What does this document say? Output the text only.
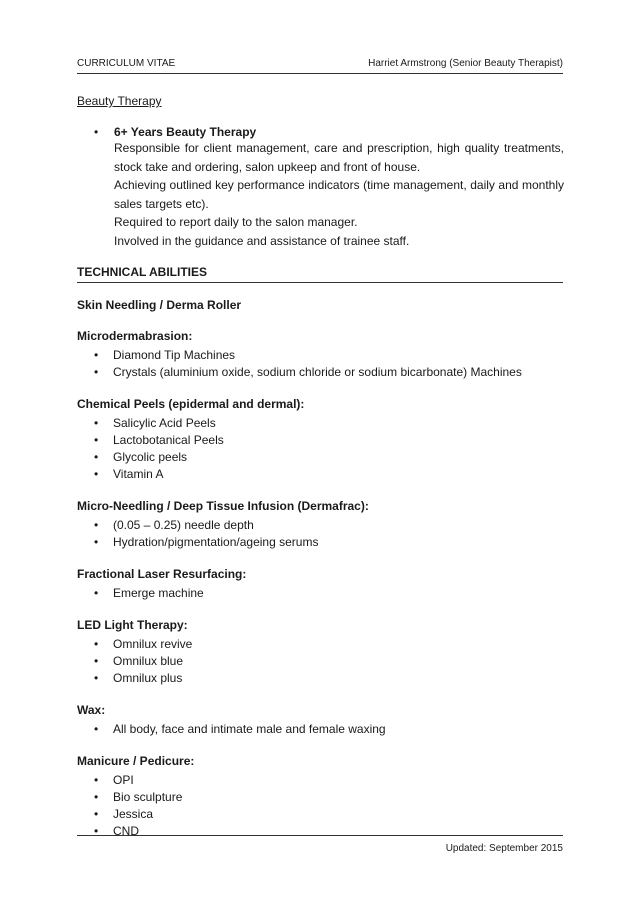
CURRICULUM VITAE	Harriet Armstrong (Senior Beauty Therapist)
Beauty Therapy
•	6+ Years Beauty Therapy
Responsible for client management, care and prescription, high quality treatments, stock take and ordering, salon upkeep and front of house.
Achieving outlined key performance indicators (time management, daily and monthly sales targets etc).
Required to report daily to the salon manager.
Involved in the guidance and assistance of trainee staff.
TECHNICAL ABILITIES
Skin Needling / Derma Roller
Microdermabrasion:
•	Diamond Tip Machines
•	Crystals (aluminium oxide, sodium chloride or sodium bicarbonate) Machines
Chemical Peels (epidermal and dermal):
•	Salicylic Acid Peels
•	Lactobotanical Peels
•	Glycolic peels
•	Vitamin A
Micro-Needling / Deep Tissue Infusion (Dermafrac):
•	(0.05 – 0.25) needle depth
•	Hydration/pigmentation/ageing serums
Fractional Laser Resurfacing:
•	Emerge machine
LED Light Therapy:
•	Omnilux revive
•	Omnilux blue
•	Omnilux plus
Wax:
•	All body, face and intimate male and female waxing
Manicure / Pedicure:
•	OPI
•	Bio sculpture
•	Jessica
•	CND
Updated: September 2015
